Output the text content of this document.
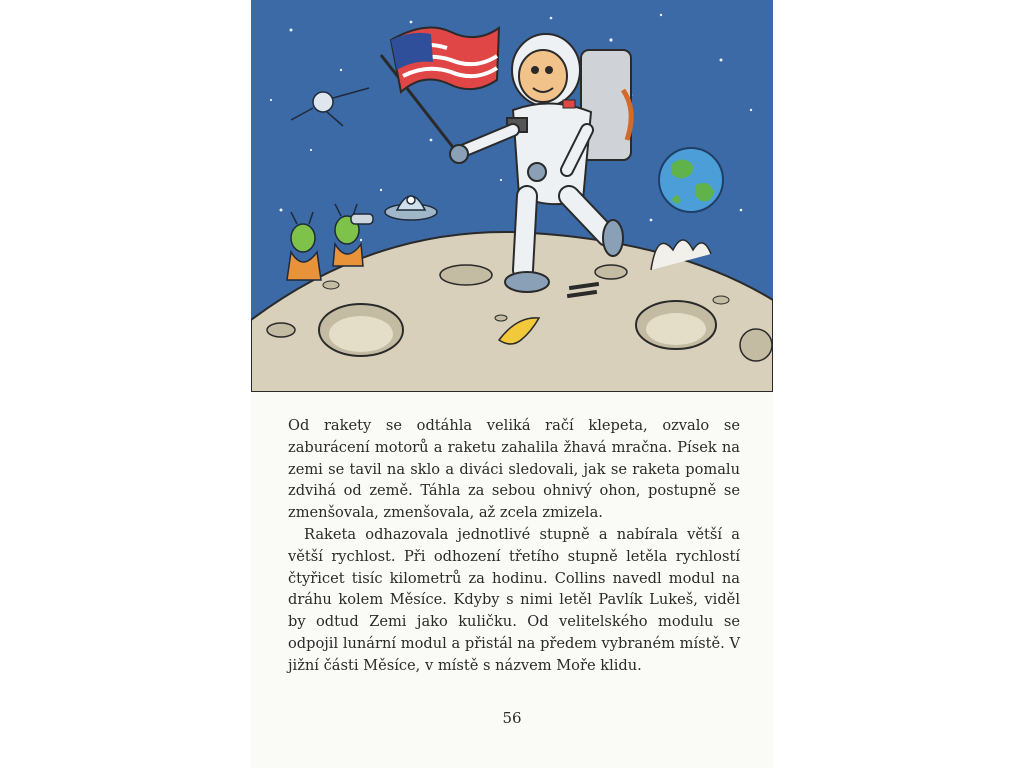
Od rakety se odtáhla veliká račí klepeta, ozvalo se zaburácení motorů a raketu zahalila žhavá mračna. Písek na zemi se tavil na sklo a diváci sledovali, jak se raketa pomalu zdvihá od země. Táhla za sebou ohnivý ohon, postupně se zmenšovala, zmenšovala, až zcela zmizela.

Raketa odhazovala jednotlivé stupně a nabírala větší a větší rychlost. Při odhození třetího stupně letěla rychlostí čtyřicet tisíc kilometrů za hodinu. Collins navedl modul na dráhu kolem Měsíce. Kdyby s nimi letěl Pavlík Lukeš, viděl by odtud Zemi jako kuličku. Od velitelského modulu se odpojil lunární modul a přistál na předem vybraném místě. V jižní části Měsíce, v místě s názvem Moře klidu.

56
